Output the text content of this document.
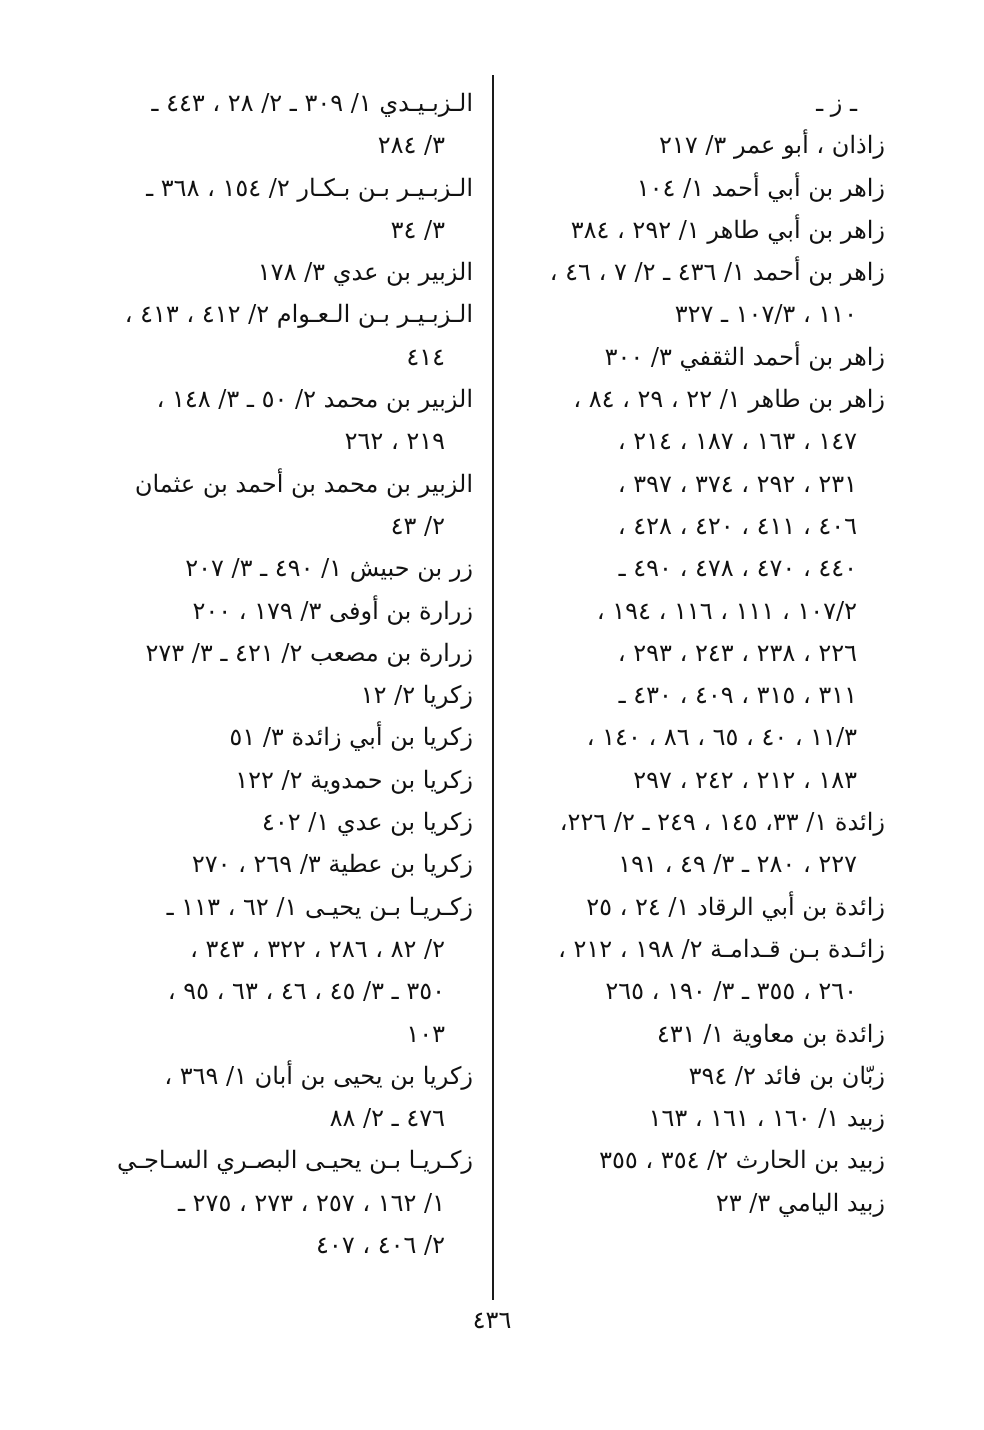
ـ ز ـ
زاذان ، أبو عمر ٣/ ٢١٧
زاهر بن أبي أحمد ١/ ١٠٤
زاهر بن أبي طاهر ١/ ٢٩٢ ، ٣٨٤
زاهر بن أحمد ١/ ٤٣٦ ـ ٢/ ٧ ، ٤٦ ،
١١٠ ، ١٠٧/٣ ـ ٣٢٧
زاهر بن أحمد الثقفي ٣/ ٣٠٠
زاهر بن طاهر ١/ ٢٢ ، ٢٩ ، ٨٤ ،
١٤٧ ، ١٦٣ ، ١٨٧ ، ٢١٤ ،
٢٣١ ، ٢٩٢ ، ٣٧٤ ، ٣٩٧ ،
٤٠٦ ، ٤١١ ، ٤٢٠ ، ٤٢٨ ،
٤٤٠ ، ٤٧٠ ، ٤٧٨ ، ٤٩٠ ـ
١٠٧/٢ ، ١١١ ، ١١٦ ، ١٩٤ ،
٢٢٦ ، ٢٣٨ ، ٢٤٣ ، ٢٩٣ ،
٣١١ ، ٣١٥ ، ٤٠٩ ، ٤٣٠ ـ
١١/٣ ، ٤٠ ، ٦٥ ، ٨٦ ، ١٤٠ ،
١٨٣ ، ٢١٢ ، ٢٤٢ ، ٢٩٧
زائدة ١/ ٣٣، ١٤٥ ، ٢٤٩ ـ ٢/ ٢٢٦،
٢٢٧ ، ٢٨٠ ـ ٣/ ٤٩ ، ١٩١
زائدة بن أبي الرقاد ١/ ٢٤ ، ٢٥
زائـدة بـن قـدامـة ٢/ ١٩٨ ، ٢١٢ ،
٢٦٠ ، ٣٥٥ ـ ٣/ ١٩٠ ، ٢٦٥
زائدة بن معاوية ١/ ٤٣١
زبّان بن فائد ٢/ ٣٩٤
زبيد ١/ ١٦٠ ، ١٦١ ، ١٦٣
زبيد بن الحارث ٢/ ٣٥٤ ، ٣٥٥
زبيد اليامي ٣/ ٢٣
الـزبـيـدي ١/ ٣٠٩ ـ ٢/ ٢٨ ، ٤٤٣ ـ
٣/ ٢٨٤
الـزبـيـر بـن بـكـار ٢/ ١٥٤ ، ٣٦٨ ـ
٣/ ٣٤
الزبير بن عدي ٣/ ١٧٨
الـزبـيـر بـن الـعـوام ٢/ ٤١٢ ، ٤١٣ ،
٤١٤
الزبير بن محمد ٢/ ٥٠ ـ ٣/ ١٤٨ ،
٢١٩ ، ٢٦٢
الزبير بن محمد بن أحمد بن عثمان
٢/ ٤٣
زر بن حبيش ١/ ٤٩٠ ـ ٣/ ٢٠٧
زرارة بن أوفى ٣/ ١٧٩ ، ٢٠٠
زرارة بن مصعب ٢/ ٤٢١ ـ ٣/ ٢٧٣
زكريا ٢/ ١٢
زكريا بن أبي زائدة ٣/ ٥١
زكريا بن حمدوية ٢/ ١٢٢
زكريا بن عدي ١/ ٤٠٢
زكريا بن عطية ٣/ ٢٦٩ ، ٢٧٠
زكـريـا بـن يحيـى ١/ ٦٢ ، ١١٣ ـ
٢/ ٨٢ ، ٢٨٦ ، ٣٢٢ ، ٣٤٣ ،
٣٥٠ ـ ٣/ ٤٥ ، ٤٦ ، ٦٣ ، ٩٥ ،
١٠٣
زكريا بن يحيى بن أبان ١/ ٣٦٩ ،
٤٧٦ ـ ٢/ ٨٨
زكـريـا بـن يحيـى البصـري السـاجـي
١/ ١٦٢ ، ٢٥٧ ، ٢٧٣ ، ٢٧٥ ـ
٢/ ٤٠٦ ، ٤٠٧
٤٣٦
